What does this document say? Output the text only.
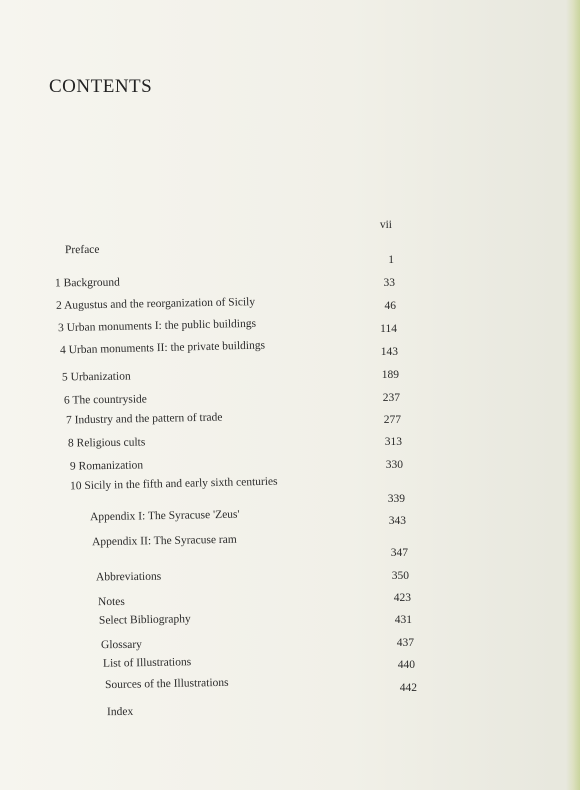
CONTENTS
Preface
1 Background
2 Augustus and the reorganization of Sicily
3 Urban monuments I: the public buildings
4 Urban monuments II: the private buildings
5 Urbanization
6 The countryside
7 Industry and the pattern of trade
8 Religious cults
9 Romanization
10 Sicily in the fifth and early sixth centuries
Appendix I: The Syracuse 'Zeus'
Appendix II: The Syracuse ram
Abbreviations
Notes
Select Bibliography
Glossary
List of Illustrations
Sources of the Illustrations
Index
vii
1
33
46
114
143
189
237
277
313
330
339
343
347
350
423
431
437
440
442
